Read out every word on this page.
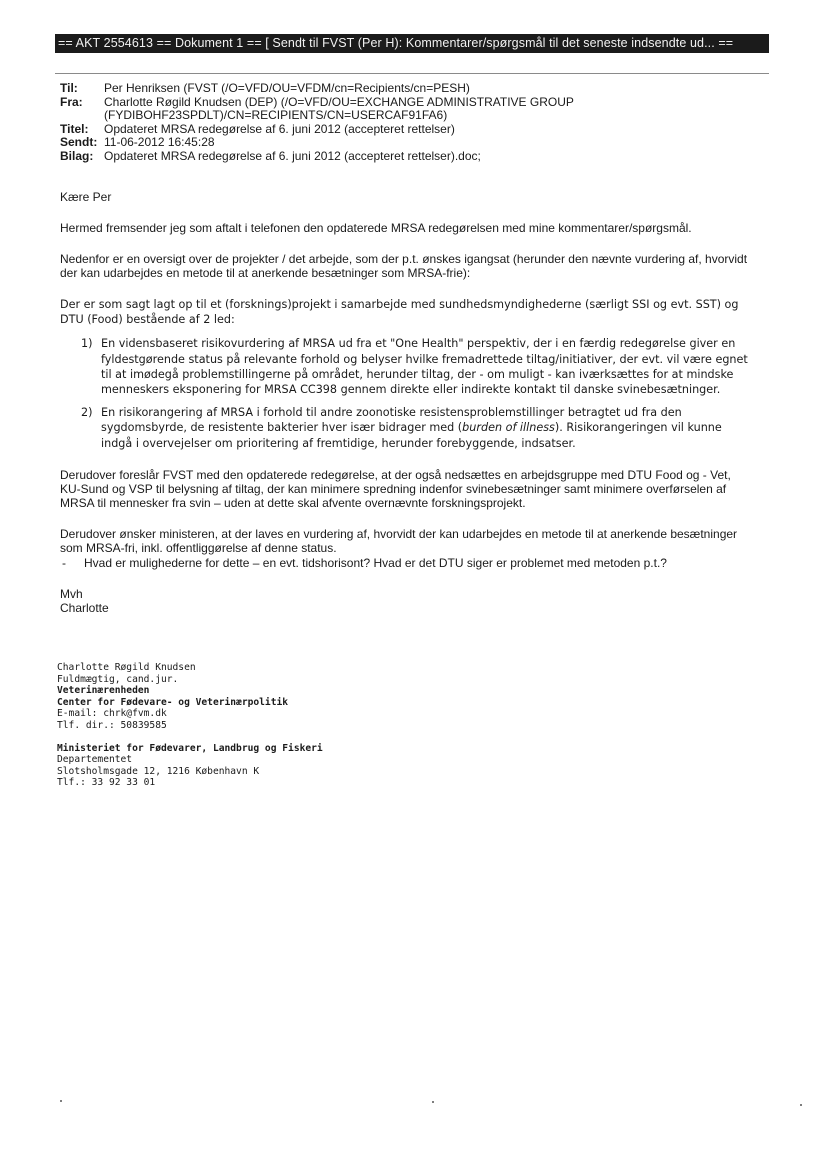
== AKT 2554613 == Dokument 1 == [ Sendt til FVST (Per H): Kommentarer/spørgsmål til det seneste indsendte ud... ==
Til:	Per Henriksen (FVST (/O=VFD/OU=VFDM/cn=Recipients/cn=PESH)
Fra:	Charlotte Røgild Knudsen (DEP) (/O=VFD/OU=EXCHANGE ADMINISTRATIVE GROUP
(FYDIBOHF23SPDLT)/CN=RECIPIENTS/CN=USERCAF91FA6)
Titel:	Opdateret MRSA redegørelse af 6. juni 2012 (accepteret rettelser)
Sendt: 11-06-2012 16:45:28
Bilag: Opdateret MRSA redegørelse af 6. juni 2012 (accepteret rettelser).doc;

Kære Per

Hermed fremsender jeg som aftalt i telefonen den opdaterede MRSA redegørelsen med mine kommentarer/spørgsmål.

Nedenfor er en oversigt over de projekter / det arbejde, som der p.t. ønskes igangsat (herunder den nævnte vurdering af, hvorvidt der kan udarbejdes en metode til at anerkende besætninger som MRSA-frie):

Der er som sagt lagt op til et (forsknings)projekt i samarbejde med sundhedsmyndighederne (særligt SSI og evt. SST) og DTU (Food) bestående af 2 led:

1) En vidensbaseret risikovurdering af MRSA ud fra et "One Health" perspektiv, der i en færdig redegørelse giver en fyldestgørende status på relevante forhold og belyser hvilke fremadrettede tiltag/initiativer, der evt. vil være egnet til at imødegå problemstillingerne på området, herunder tiltag, der - om muligt - kan iværksættes for at mindske menneskers eksponering for MRSA CC398 gennem direkte eller indirekte kontakt til danske svinebesætninger.
2) En risikorangering af MRSA i forhold til andre zoonotiske resistensproblemstillinger betragtet ud fra den sygdomsbyrde, de resistente bakterier hver især bidrager med (burden of illness). Risikorangeringen vil kunne indgå i overvejelser om prioritering af fremtidige, herunder forebyggende, indsatser.

Derudover foreslår FVST med den opdaterede redegørelse, at der også nedsættes en arbejdsgruppe med DTU Food og - Vet, KU-Sund og VSP til belysning af tiltag, der kan minimere spredning indenfor svinebesætninger samt minimere overførselen af MRSA til mennesker fra svin – uden at dette skal afvente overnævnte forskningsprojekt.

Derudover ønsker ministeren, at der laves en vurdering af, hvorvidt der kan udarbejdes en metode til at anerkende besætninger som MRSA-fri, inkl. offentliggørelse af denne status.

- Hvad er mulighederne for dette – en evt. tidshorisont? Hvad er det DTU siger er problemet med metoden p.t.?

Mvh

Charlotte

Charlotte Røgild Knudsen
Fuldmægtig, cand.jur.
Veterinærenheden
Center for Fødevare- og Veterinærpolitik
E-mail: chrk@fvm.dk
Tlf. dir.: 50839585
Ministeriet for Fødevarer, Landbrug og Fiskeri
Departementet
Slotsholmsgade 12, 1216 København K
Tlf.: 33 92 33 01
